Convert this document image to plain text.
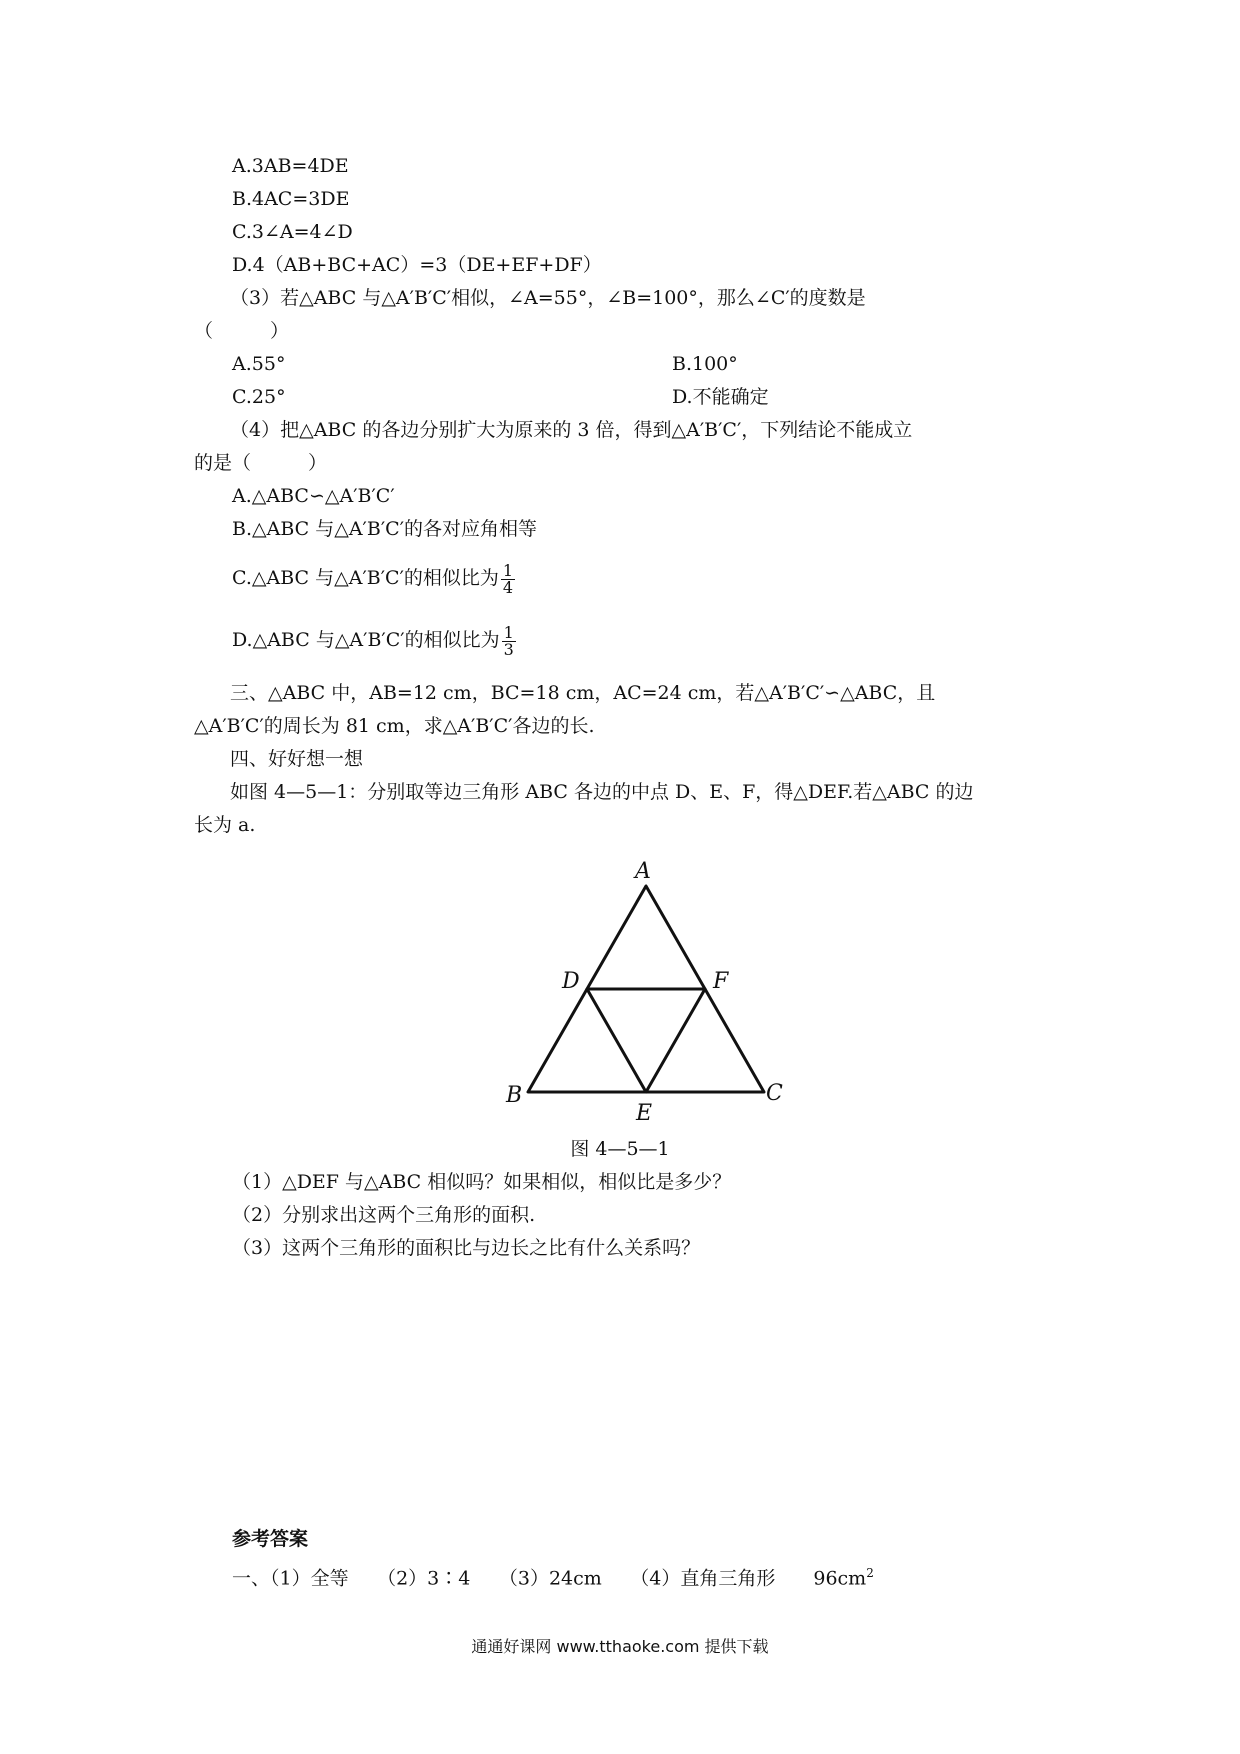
A.3AB=4DE
B.4AC=3DE
C.3∠A=4∠D
D.4（AB+BC+AC）=3（DE+EF+DF）
（3）若△ABC 与△A′B′C′相似，∠A=55°，∠B=100°，那么∠C′的度数是
（　　　）
A.55°	B.100°
C.25°	D.不能确定
（4）把△ABC 的各边分别扩大为原来的 3 倍，得到△A′B′C′，下列结论不能成立
的是（　　　）
A.△ABC∽△A′B′C′
B.△ABC 与△A′B′C′的各对应角相等
C.△ABC 与△A′B′C′的相似比为 $\frac{1}{4}$
D.△ABC 与△A′B′C′的相似比为 $\frac{1}{3}$
三、△ABC 中，AB=12 cm，BC=18 cm，AC=24 cm，若△A′B′C′∽△ABC，且
△A′B′C′的周长为 81 cm，求△A′B′C′各边的长.
四、好好想一想
如图 4—5—1：分别取等边三角形 ABC 各边的中点 D、E、F，得△DEF.若△ABC 的边
长为 a.
A
B	C
D	F
E
图 4—5—1
（1）△DEF 与△ABC 相似吗？如果相似，相似比是多少？
（2）分别求出这两个三角形的面积.
（3）这两个三角形的面积比与边长之比有什么关系吗？
参考答案
一、（1）全等　　（2）3∶4　　（3）24cm　　（4）直角三角形　　$96cm^2$
通通好课网 www.tthaoke.com 提供下载
